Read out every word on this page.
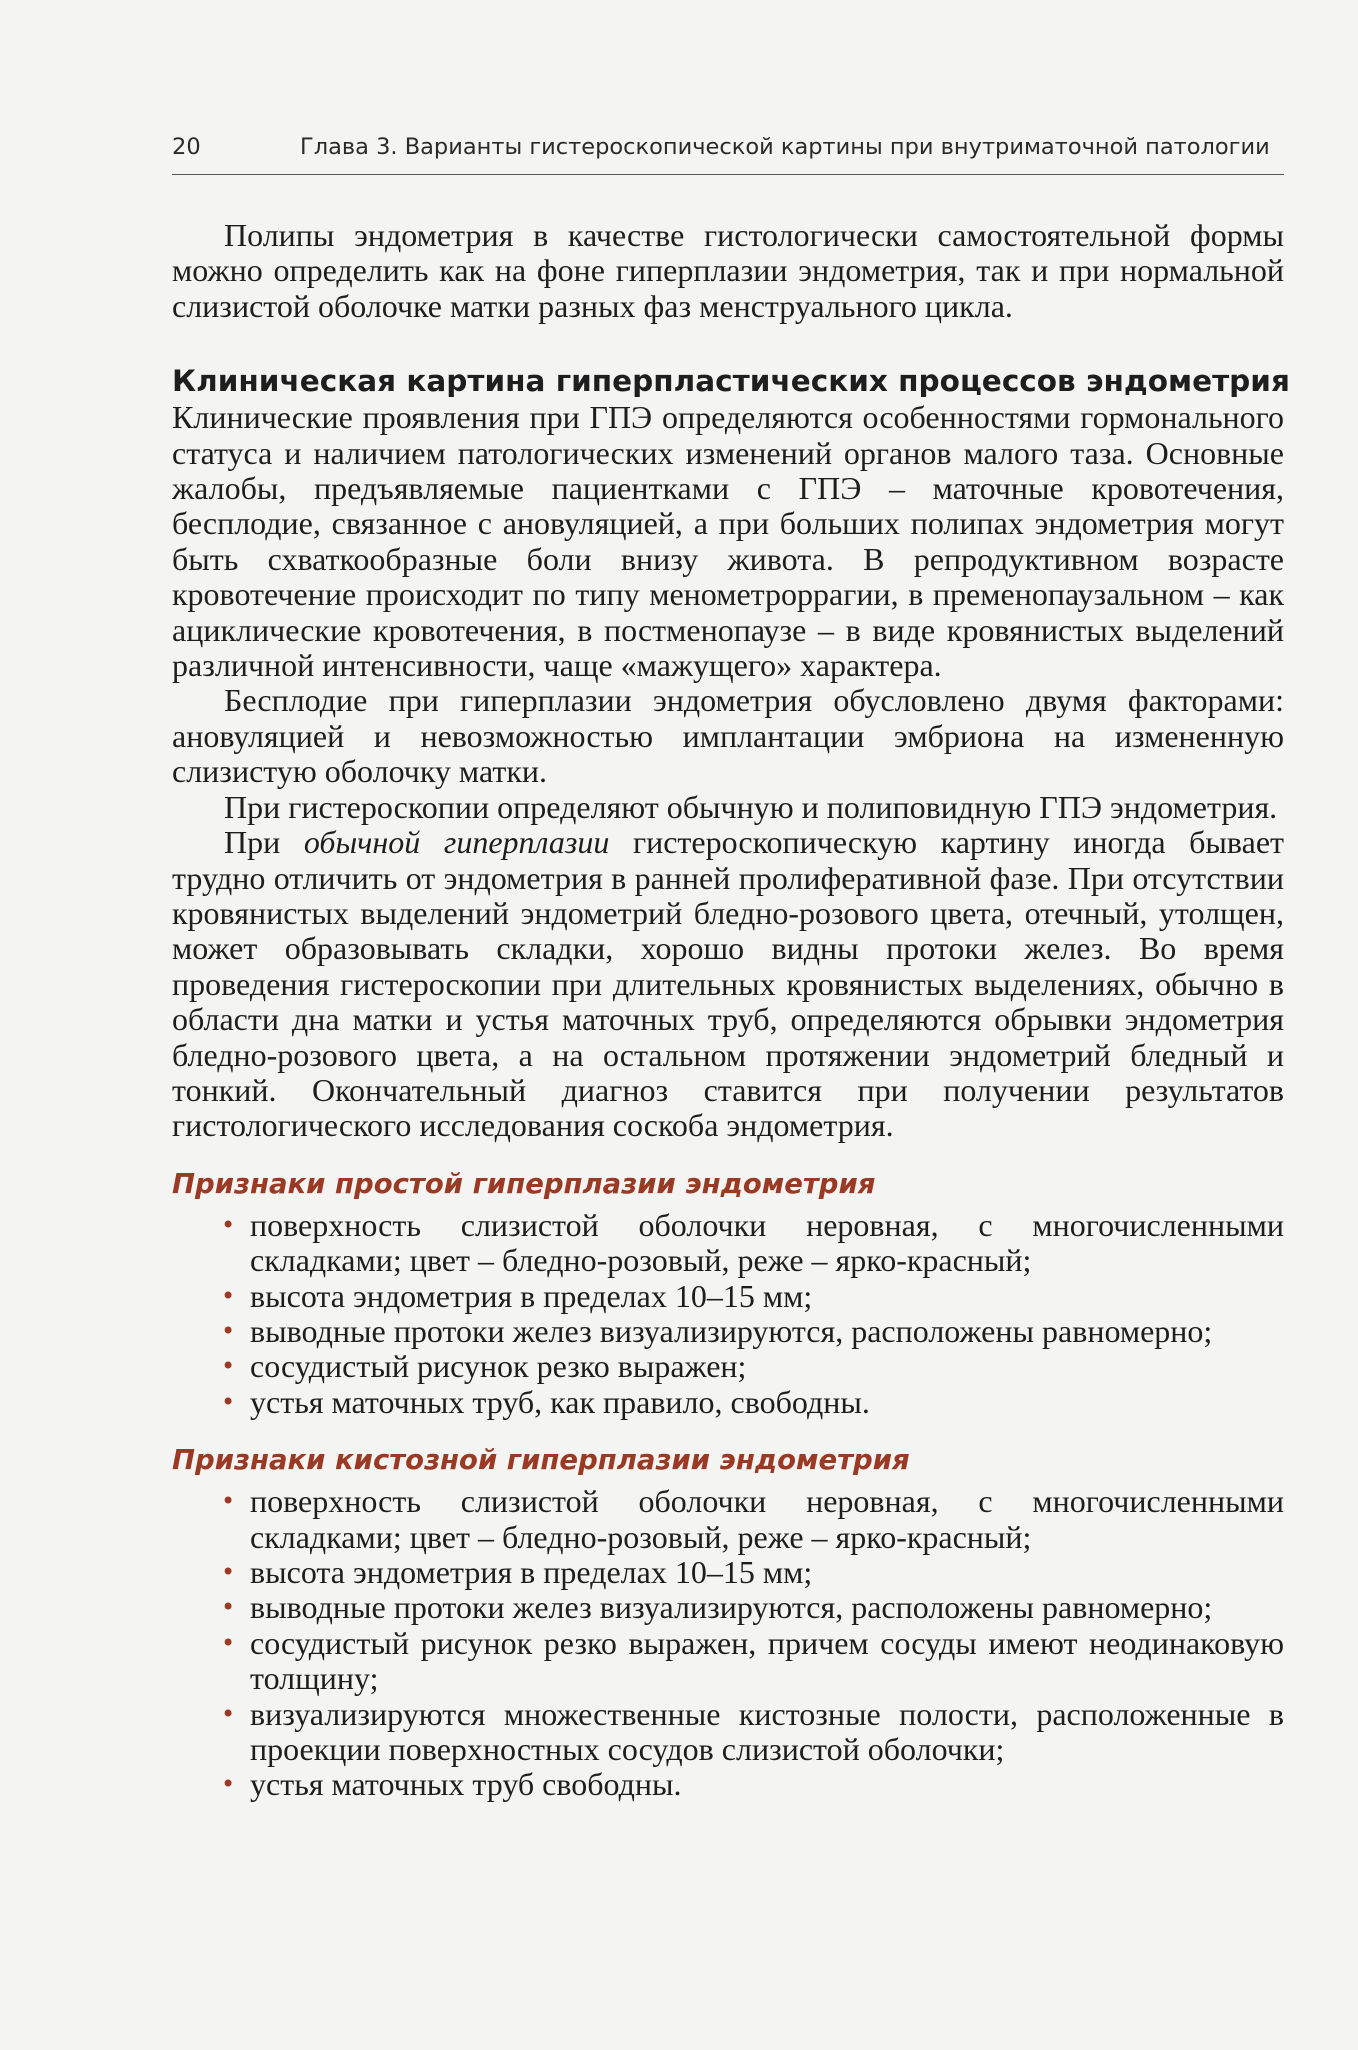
20	Глава 3. Варианты гистероскопической картины при внутриматочной патологии

Полипы эндометрия в качестве гистологически самостоятельной формы можно определить как на фоне гиперплазии эндометрия, так и при нормальной слизистой оболочке матки разных фаз менструального цикла.

Клиническая картина гиперпластических процессов эндометрия

Клинические проявления при ГПЭ определяются особенностями гормонального статуса и наличием патологических изменений органов малого таза. Основные жалобы, предъявляемые пациентками с ГПЭ – маточные кровотечения, бесплодие, связанное с ановуляцией, а при больших полипах эндометрия могут быть схваткообразные боли внизу живота. В репродуктивном возрасте кровотечение происходит по типу менометроррагии, в пременопаузальном – как ациклические кровотечения, в постменопаузе – в виде кровянистых выделений различной интенсивности, чаще «мажущего» характера.

Бесплодие при гиперплазии эндометрия обусловлено двумя факторами: ановуляцией и невозможностью имплантации эмбриона на измененную слизистую оболочку матки.

При гистероскопии определяют обычную и полиповидную ГПЭ эндометрия.

При обычной гиперплазии гистероскопическую картину иногда бывает трудно отличить от эндометрия в ранней пролиферативной фазе. При отсутствии кровянистых выделений эндометрий бледно-розового цвета, отечный, утолщен, может образовывать складки, хорошо видны протоки желез. Во время проведения гистероскопии при длительных кровянистых выделениях, обычно в области дна матки и устья маточных труб, определяются обрывки эндометрия бледно-розового цвета, а на остальном протяжении эндометрий бледный и тонкий. Окончательный диагноз ставится при получении результатов гистологического исследования соскоба эндометрия.

Признаки простой гиперплазии эндометрия
• поверхность слизистой оболочки неровная, с многочисленными складками; цвет – бледно-розовый, реже – ярко-красный;
• высота эндометрия в пределах 10–15 мм;
• выводные протоки желез визуализируются, расположены равномерно;
• сосудистый рисунок резко выражен;
• устья маточных труб, как правило, свободны.
Признаки кистозной гиперплазии эндометрия
• поверхность слизистой оболочки неровная, с многочисленными складками; цвет – бледно-розовый, реже – ярко-красный;
• высота эндометрия в пределах 10–15 мм;
• выводные протоки желез визуализируются, расположены равномерно;
• сосудистый рисунок резко выражен, причем сосуды имеют неодинаковую толщину;
• визуализируются множественные кистозные полости, расположенные в проекции поверхностных сосудов слизистой оболочки;
• устья маточных труб свободны.
